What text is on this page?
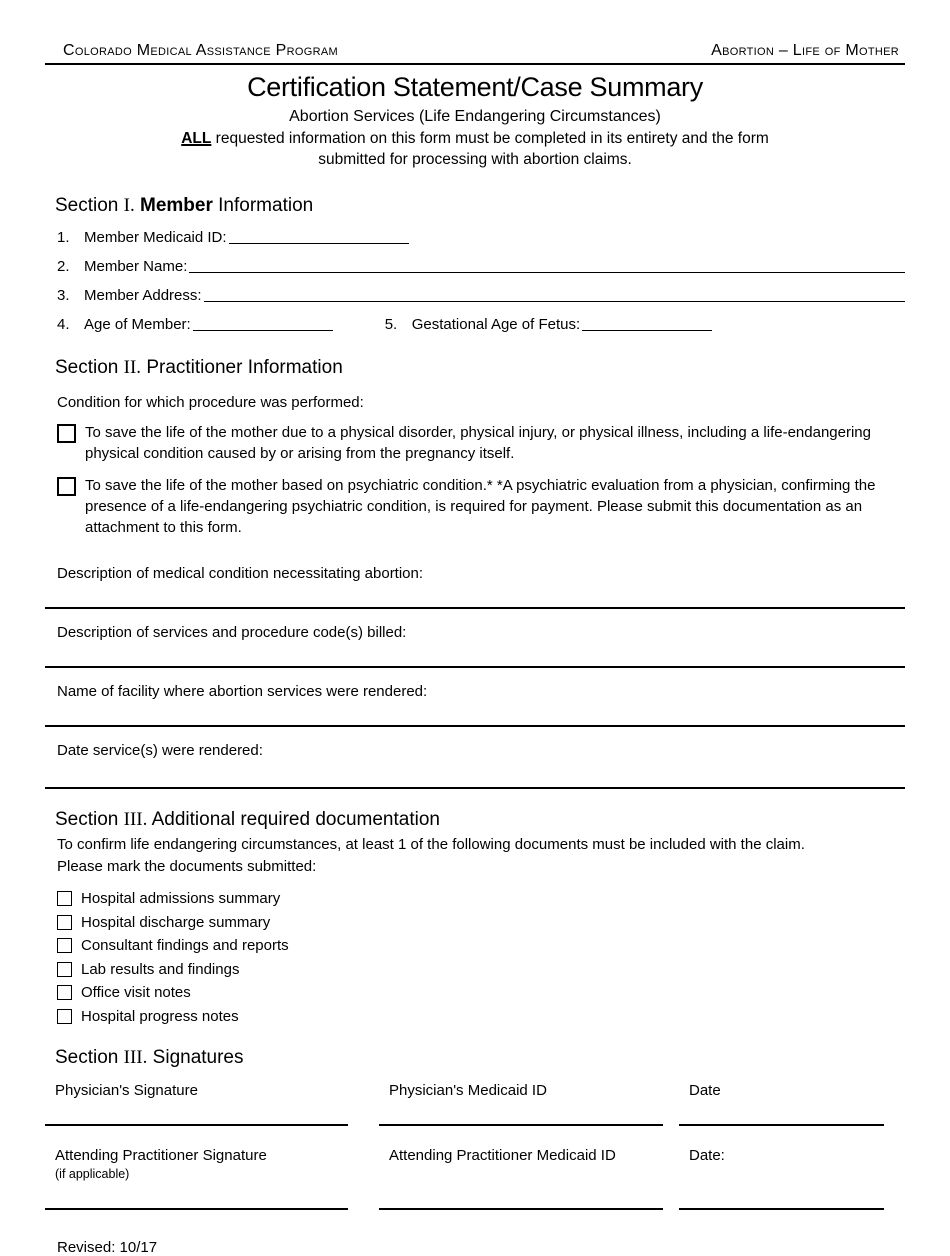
Colorado Medical Assistance Program	Abortion – Life of Mother
Certification Statement/Case Summary
Abortion Services (Life Endangering Circumstances)
ALL requested information on this form must be completed in its entirety and the form
submitted for processing with abortion claims.
Section I. Member Information
1. Member Medicaid ID:
2. Member Name:
3. Member Address:
4. Age of Member:	5. Gestational Age of Fetus:
Section II. Practitioner Information
Condition for which procedure was performed:
To save the life of the mother due to a physical disorder, physical injury, or physical illness, including a life-endangering physical condition caused by or arising from the pregnancy itself.
To save the life of the mother based on psychiatric condition.* *A psychiatric evaluation from a physician, confirming the presence of a life-endangering psychiatric condition, is required for payment. Please submit this documentation as an attachment to this form.
Description of medical condition necessitating abortion:
Description of services and procedure code(s) billed:
Name of facility where abortion services were rendered:
Date service(s) were rendered:
Section III. Additional required documentation
To confirm life endangering circumstances, at least 1 of the following documents must be included with the claim. Please mark the documents submitted:
Hospital admissions summary
Hospital discharge summary
Consultant findings and reports
Lab results and findings
Office visit notes
Hospital progress notes
Section III. Signatures
Physician's Signature	Physician's Medicaid ID	Date
Attending Practitioner Signature
(if applicable)
Attending Practitioner Medicaid ID	Date:
Revised: 10/17
